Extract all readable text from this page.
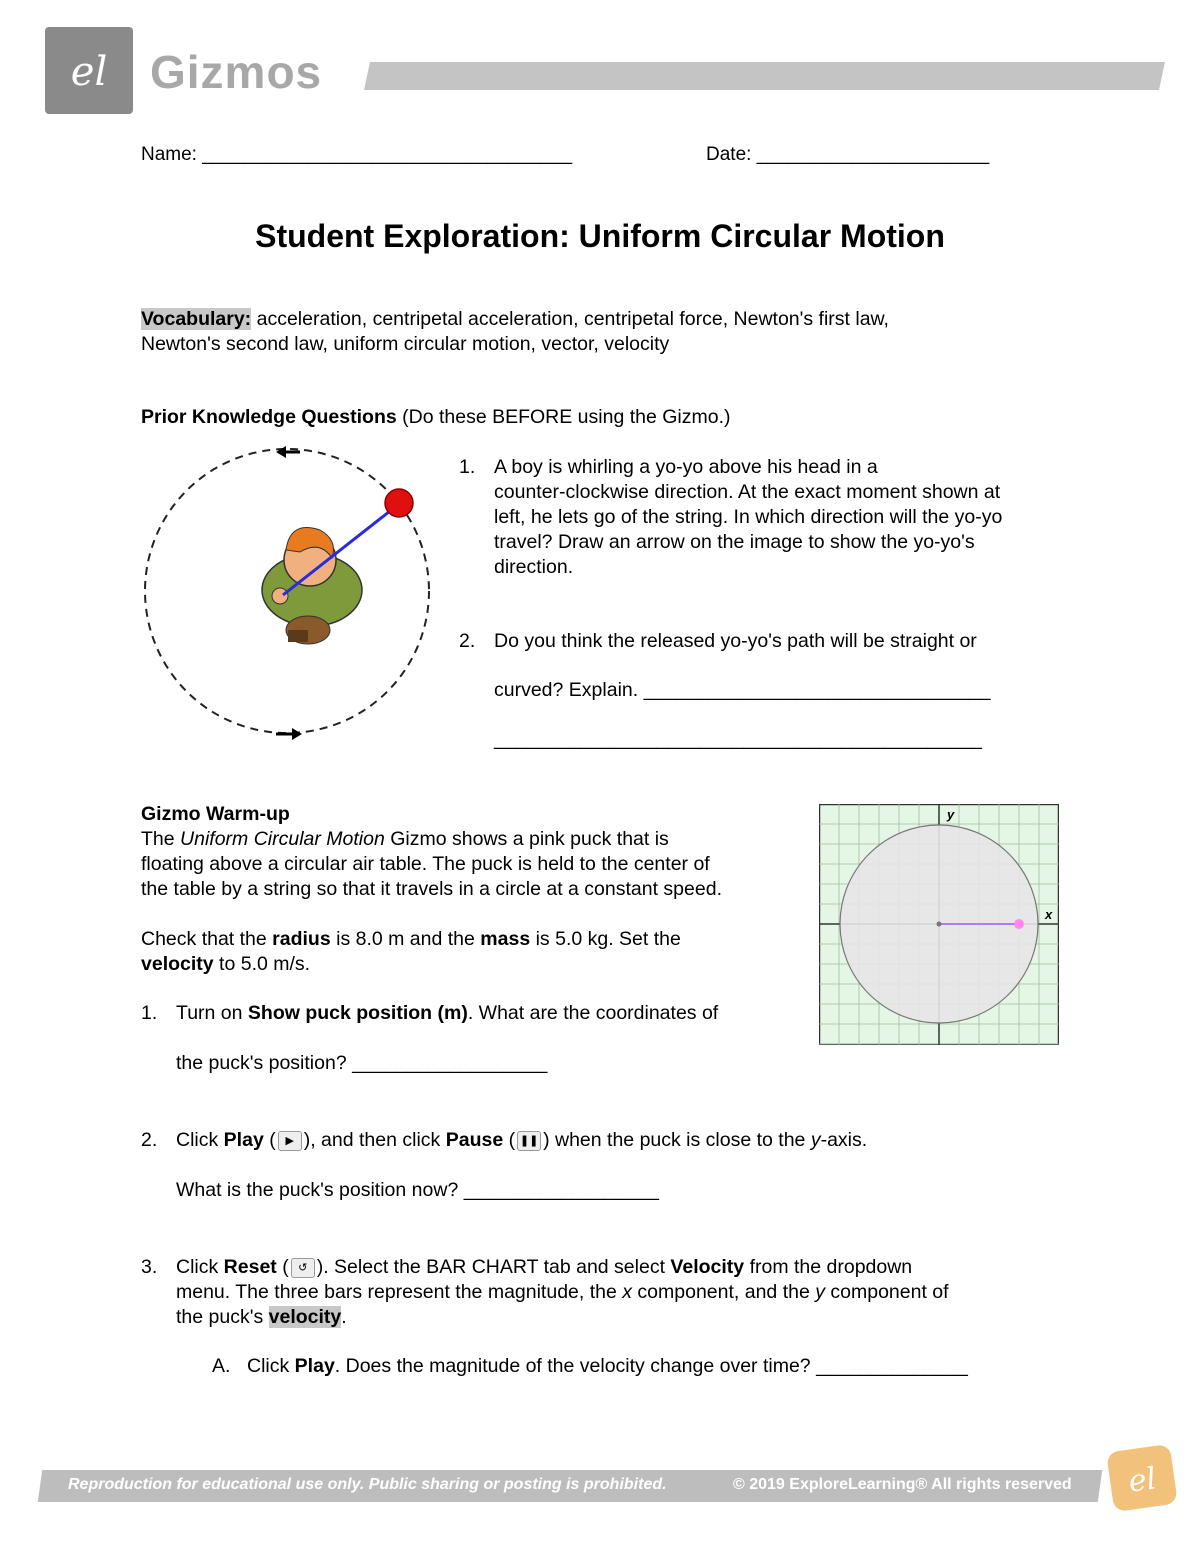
el Gizmos
Name: ___________________________________	Date: ______________________
Student Exploration: Uniform Circular Motion
Vocabulary: acceleration, centripetal acceleration, centripetal force, Newton's first law,
Newton's second law, uniform circular motion, vector, velocity
Prior Knowledge Questions (Do these BEFORE using the Gizmo.)
1. A boy is whirling a yo-yo above his head in a
counter-clockwise direction. At the exact moment shown at
left, he lets go of the string. In which direction will the yo-yo
travel? Draw an arrow on the image to show the yo-yo's
direction.
2. Do you think the released yo-yo's path will be straight or
curved? Explain. ________________________________
_____________________________________________
Gizmo Warm-up
The Uniform Circular Motion Gizmo shows a pink puck that is
floating above a circular air table. The puck is held to the center of
the table by a string so that it travels in a circle at a constant speed.
Check that the radius is 8.0 m and the mass is 5.0 kg. Set the
velocity to 5.0 m/s.
1. Turn on Show puck position (m). What are the coordinates of
the puck's position? __________________
x
y
2. Click Play ( ▶ ), and then click Pause ( ❚❚ ) when the puck is close to the y-axis.
What is the puck's position now? __________________
3. Click Reset ( ↺ ). Select the BAR CHART tab and select Velocity from the dropdown
menu. The three bars represent the magnitude, the x component, and the y component of
the puck's velocity.
A. Click Play. Does the magnitude of the velocity change over time? ______________
Reproduction for educational use only. Public sharing or posting is prohibited.	© 2019 ExploreLearning® All rights reserved el
